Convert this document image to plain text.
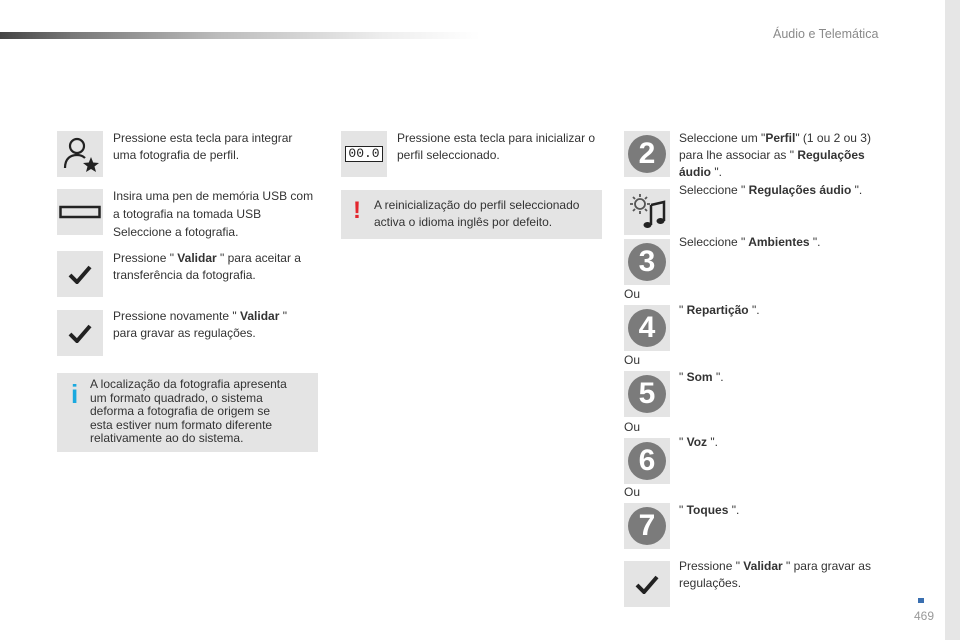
Áudio e Telemática
Pressione esta tecla para integrar
uma fotografia de perfil.
Insira uma pen de memória USB com
a totografia na tomada USB
Seleccione a fotografia.
Pressione " Validar " para aceitar a
transferência da fotografia.
Pressione novamente " Validar "
para gravar as regulações.
i A localização da fotografia apresenta
um formato quadrado, o sistema
deforma a fotografia de origem se
esta estiver num formato diferente
relativamente ao do sistema.
00.0
Pressione esta tecla para inicializar o
perfil seleccionado.
! A reinicialização do perfil seleccionado
activa o idioma inglês por defeito.
2	Seleccione um "Perfil" (1 ou 2 ou 3)
para lhe associar as " Regulações
áudio ".
Seleccione " Regulações áudio ".
3
Seleccione " Ambientes ".
Ou
4
" Repartição ".
Ou
5	" Som ".
Ou
6
" Voz ".
Ou
7	" Toques ".
Pressione " Validar " para gravar as
regulações.
469
